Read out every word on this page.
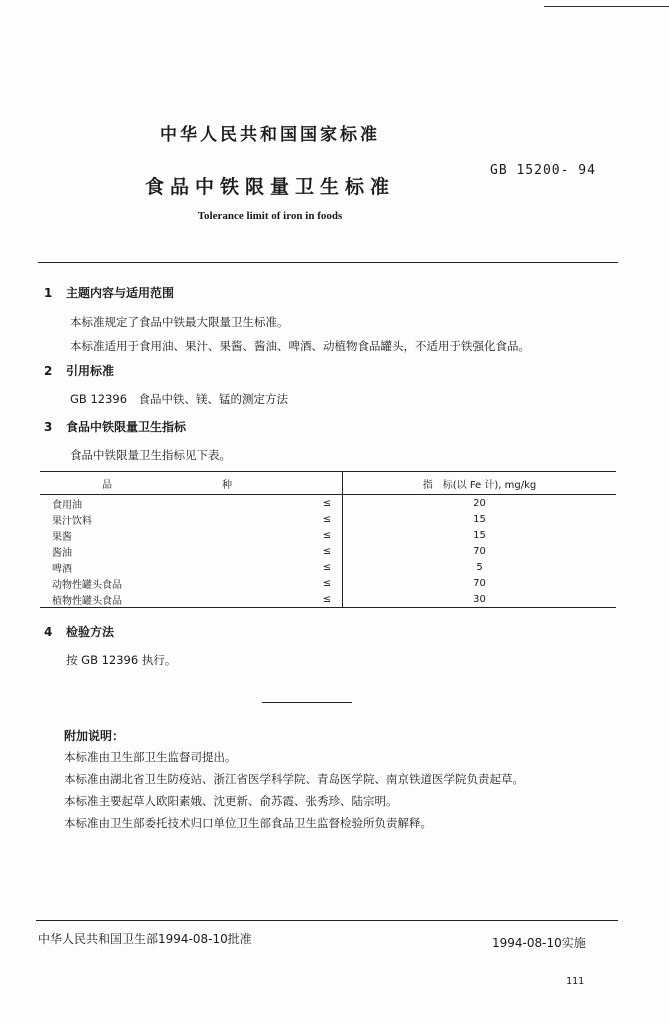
中华人民共和国国家标准
食品中铁限量卫生标准
GB 15200- 94
Tolerance limit of iron in foods
1 主题内容与适用范围
本标准规定了食品中铁最大限量卫生标准。
本标准适用于食用油、果汁、果酱、酱油、啤酒、动植物食品罐头，不适用于铁强化食品。
2 引用标准
GB 12396　食品中铁、镁、锰的测定方法
3 食品中铁限量卫生指标
食品中铁限量卫生指标见下表。
品　　种		指　标(以 Fe 计), mg/kg
食用油	≤	20
果汁饮料	≤	15
果酱	≤	15
酱油	≤	70
啤酒	≤	5
动物性罐头食品	≤	70
植物性罐头食品	≤	30
4 检验方法
按 GB 12396 执行。
附加说明：
本标准由卫生部卫生监督司提出。
本标准由湖北省卫生防疫站、浙江省医学科学院、青岛医学院、南京铁道医学院负责起草。
本标准主要起草人欧阳素娥、沈更新、俞苏霞、张秀珍、陆宗明。
本标准由卫生部委托技术归口单位卫生部食品卫生监督检验所负责解释。
中华人民共和国卫生部1994-08-10批准	1994-08-10实施
111
